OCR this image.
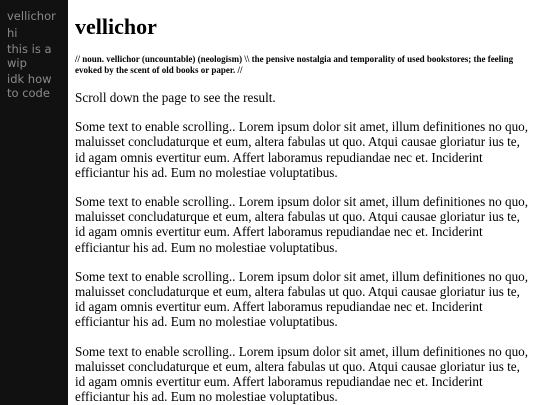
vellichor
hi
this is a wip
idk how to code
vellichor
// noun. vellichor (uncountable) (neologism) \\ the pensive nostalgia and temporality of used bookstores; the feeling evoked by the scent of old books or paper. //

Scroll down the page to see the result.

Some text to enable scrolling.. Lorem ipsum dolor sit amet, illum definitiones no quo, maluisset concludaturque et eum, altera fabulas ut quo. Atqui causae gloriatur ius te, id agam omnis evertitur eum. Affert laboramus repudiandae nec et. Inciderint efficiantur his ad. Eum no molestiae voluptatibus.

Some text to enable scrolling.. Lorem ipsum dolor sit amet, illum definitiones no quo, maluisset concludaturque et eum, altera fabulas ut quo. Atqui causae gloriatur ius te, id agam omnis evertitur eum. Affert laboramus repudiandae nec et. Inciderint efficiantur his ad. Eum no molestiae voluptatibus.

Some text to enable scrolling.. Lorem ipsum dolor sit amet, illum definitiones no quo, maluisset concludaturque et eum, altera fabulas ut quo. Atqui causae gloriatur ius te, id agam omnis evertitur eum. Affert laboramus repudiandae nec et. Inciderint efficiantur his ad. Eum no molestiae voluptatibus.

Some text to enable scrolling.. Lorem ipsum dolor sit amet, illum definitiones no quo, maluisset concludaturque et eum, altera fabulas ut quo. Atqui causae gloriatur ius te, id agam omnis evertitur eum. Affert laboramus repudiandae nec et. Inciderint efficiantur his ad. Eum no molestiae voluptatibus.
